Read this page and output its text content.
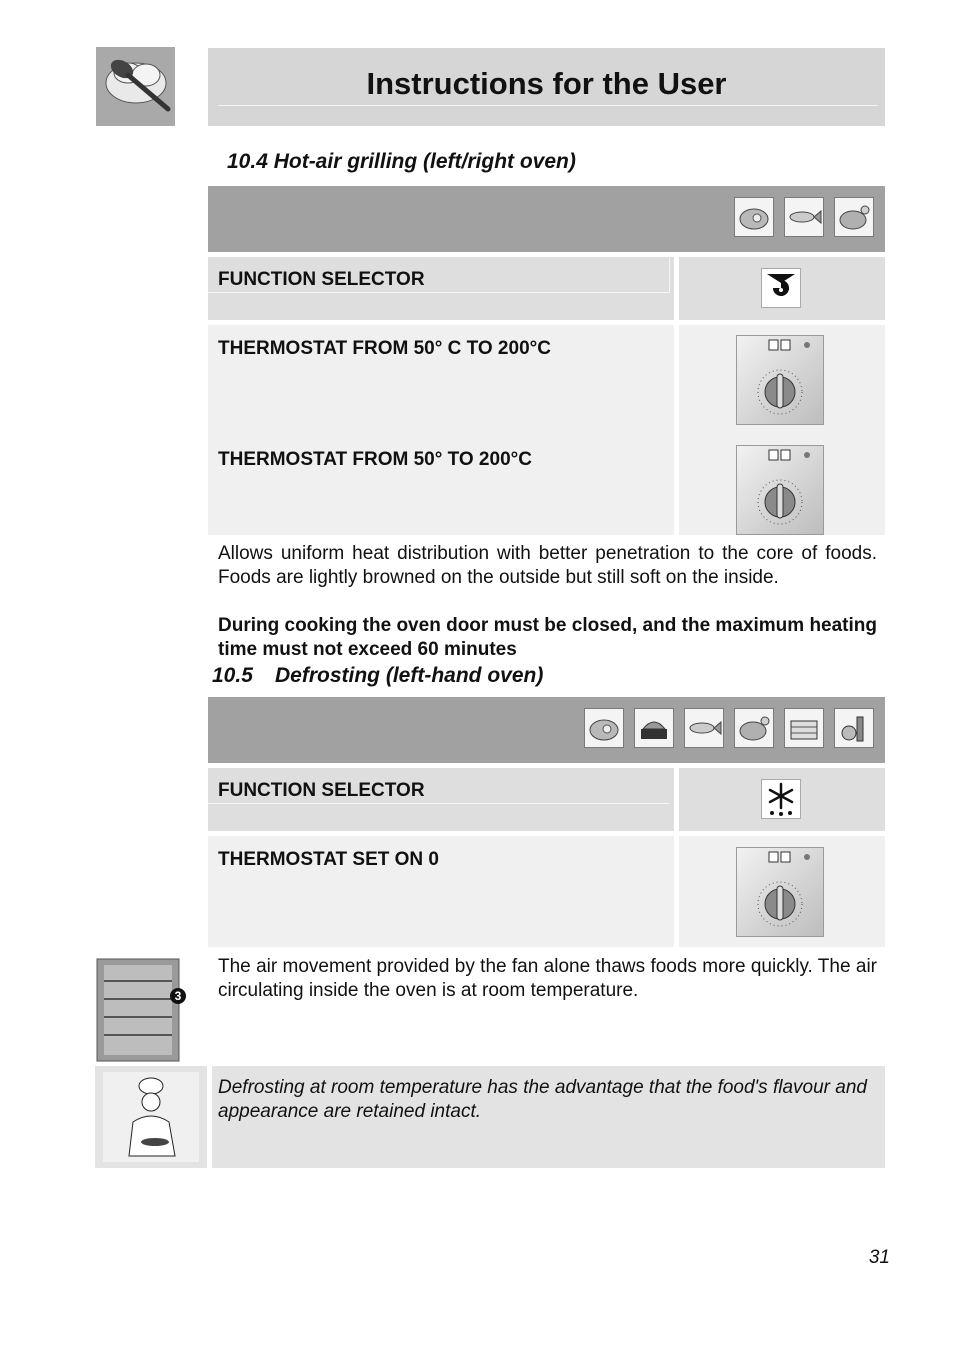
Instructions for the User
10.4 Hot-air grilling (left/right oven)
FUNCTION SELECTOR
THERMOSTAT FROM 50° C TO 200°C
THERMOSTAT FROM 50° TO 200°C
Allows uniform heat distribution with better penetration to the core of foods. Foods are lightly browned on the outside but still soft on the inside.
During cooking the oven door must be closed, and the maximum heating time must not exceed 60 minutes
10.5 Defrosting (left-hand oven)
FUNCTION SELECTOR
THERMOSTAT SET ON 0
3
The air movement provided by the fan alone thaws foods more quickly. The air circulating inside the oven is at room temperature.
Defrosting at room temperature has the advantage that the food's flavour and appearance are retained intact.
31
